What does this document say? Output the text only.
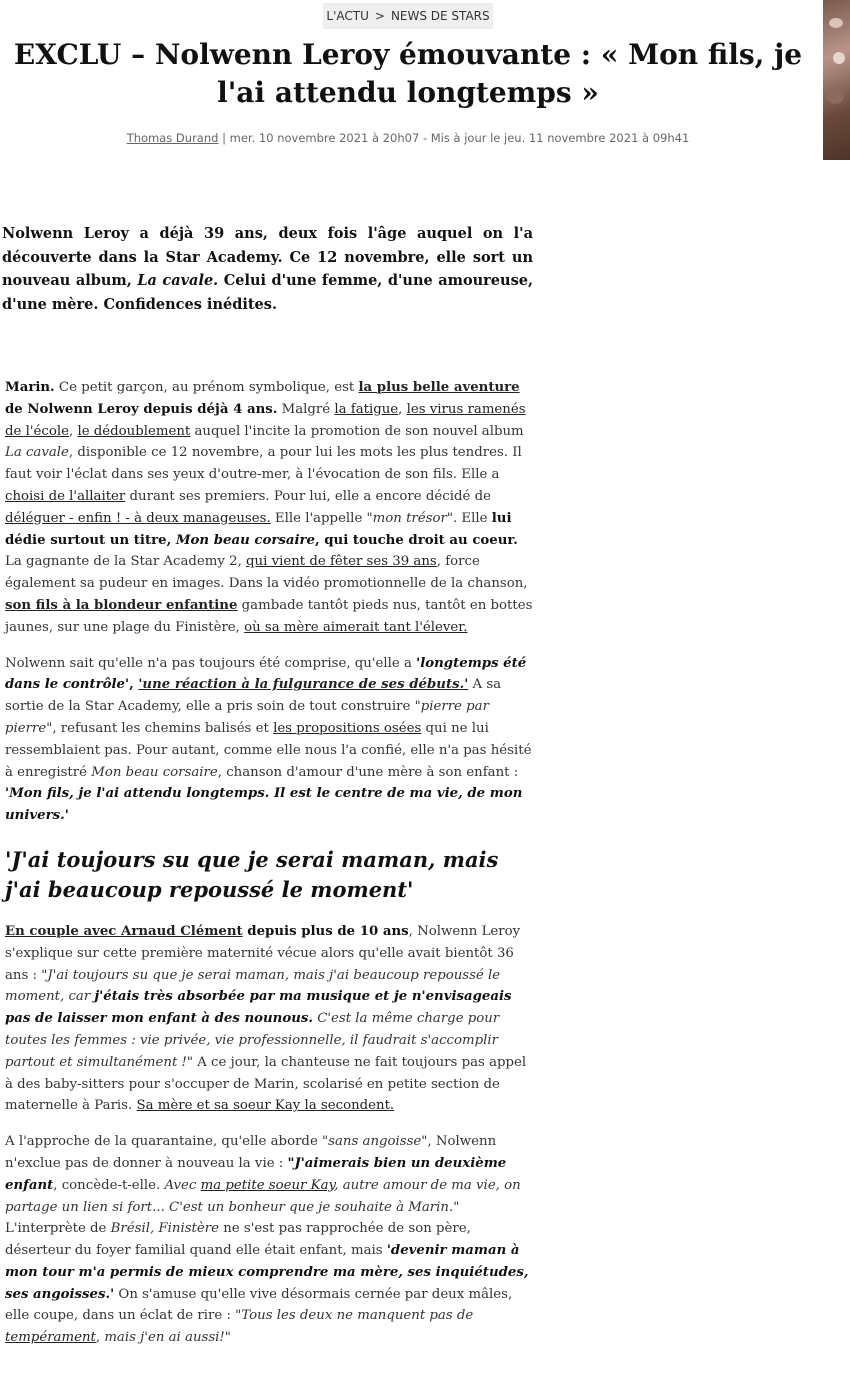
L'ACTU > NEWS DE STARS
EXCLU – Nolwenn Leroy émouvante : « Mon fils, je l'ai attendu longtemps »
Thomas Durand | mer. 10 novembre 2021 à 20h07 - Mis à jour le jeu. 11 novembre 2021 à 09h41

Nolwenn Leroy a déjà 39 ans, deux fois l'âge auquel on l'a découverte dans la Star Academy. Ce 12 novembre, elle sort un nouveau album, La cavale. Celui d'une femme, d'une amoureuse, d'une mère. Confidences inédites.

Marin. Ce petit garçon, au prénom symbolique, est la plus belle aventure de Nolwenn Leroy depuis déjà 4 ans. Malgré la fatigue, les virus ramenés de l'école, le dédoublement auquel l'incite la promotion de son nouvel album La cavale, disponible ce 12 novembre, a pour lui les mots les plus tendres. Il faut voir l'éclat dans ses yeux d'outre-mer, à l'évocation de son fils. Elle a choisi de l'allaiter durant ses premiers. Pour lui, elle a encore décidé de déléguer - enfin ! - à deux manageuses. Elle l'appelle "mon trésor". Elle lui dédie surtout un titre, Mon beau corsaire, qui touche droit au coeur. La gagnante de la Star Academy 2, qui vient de fêter ses 39 ans, force également sa pudeur en images. Dans la vidéo promotionnelle de la chanson, son fils à la blondeur enfantine gambade tantôt pieds nus, tantôt en bottes jaunes, sur une plage du Finistère, où sa mère aimerait tant l'élever.

Nolwenn sait qu'elle n'a pas toujours été comprise, qu'elle a 'longtemps été dans le contrôle', 'une réaction à la fulgurance de ses débuts.' A sa sortie de la Star Academy, elle a pris soin de tout construire "pierre par pierre", refusant les chemins balisés et les propositions osées qui ne lui ressemblaient pas. Pour autant, comme elle nous l'a confié, elle n'a pas hésité à enregistré Mon beau corsaire, chanson d'amour d'une mère à son enfant : 'Mon fils, je l'ai attendu longtemps. Il est le centre de ma vie, de mon univers.'

'J'ai toujours su que je serai maman, mais j'ai beaucoup repoussé le moment'

En couple avec Arnaud Clément depuis plus de 10 ans, Nolwenn Leroy s'explique sur cette première maternité vécue alors qu'elle avait bientôt 36 ans : "J'ai toujours su que je serai maman, mais j'ai beaucoup repoussé le moment, car j'étais très absorbée par ma musique et je n'envisageais pas de laisser mon enfant à des nounous. C'est la même charge pour toutes les femmes : vie privée, vie professionnelle, il faudrait s'accomplir partout et simultanément !" A ce jour, la chanteuse ne fait toujours pas appel à des baby-sitters pour s'occuper de Marin, scolarisé en petite section de maternelle à Paris. Sa mère et sa soeur Kay la secondent.

A l'approche de la quarantaine, qu'elle aborde "sans angoisse", Nolwenn n'exclue pas de donner à nouveau la vie : "J'aimerais bien un deuxième enfant, concède-t-elle. Avec ma petite soeur Kay, autre amour de ma vie, on partage un lien si fort... C'est un bonheur que je souhaite à Marin." L'interprète de Brésil, Finistère ne s'est pas rapprochée de son père, déserteur du foyer familial quand elle était enfant, mais 'devenir maman à mon tour m'a permis de mieux comprendre ma mère, ses inquiétudes, ses angoisses.' On s'amuse qu'elle vive désormais cernée par deux mâles, elle coupe, dans un éclat de rire : "Tous les deux ne manquent pas de tempérament, mais j'en ai aussi!"
